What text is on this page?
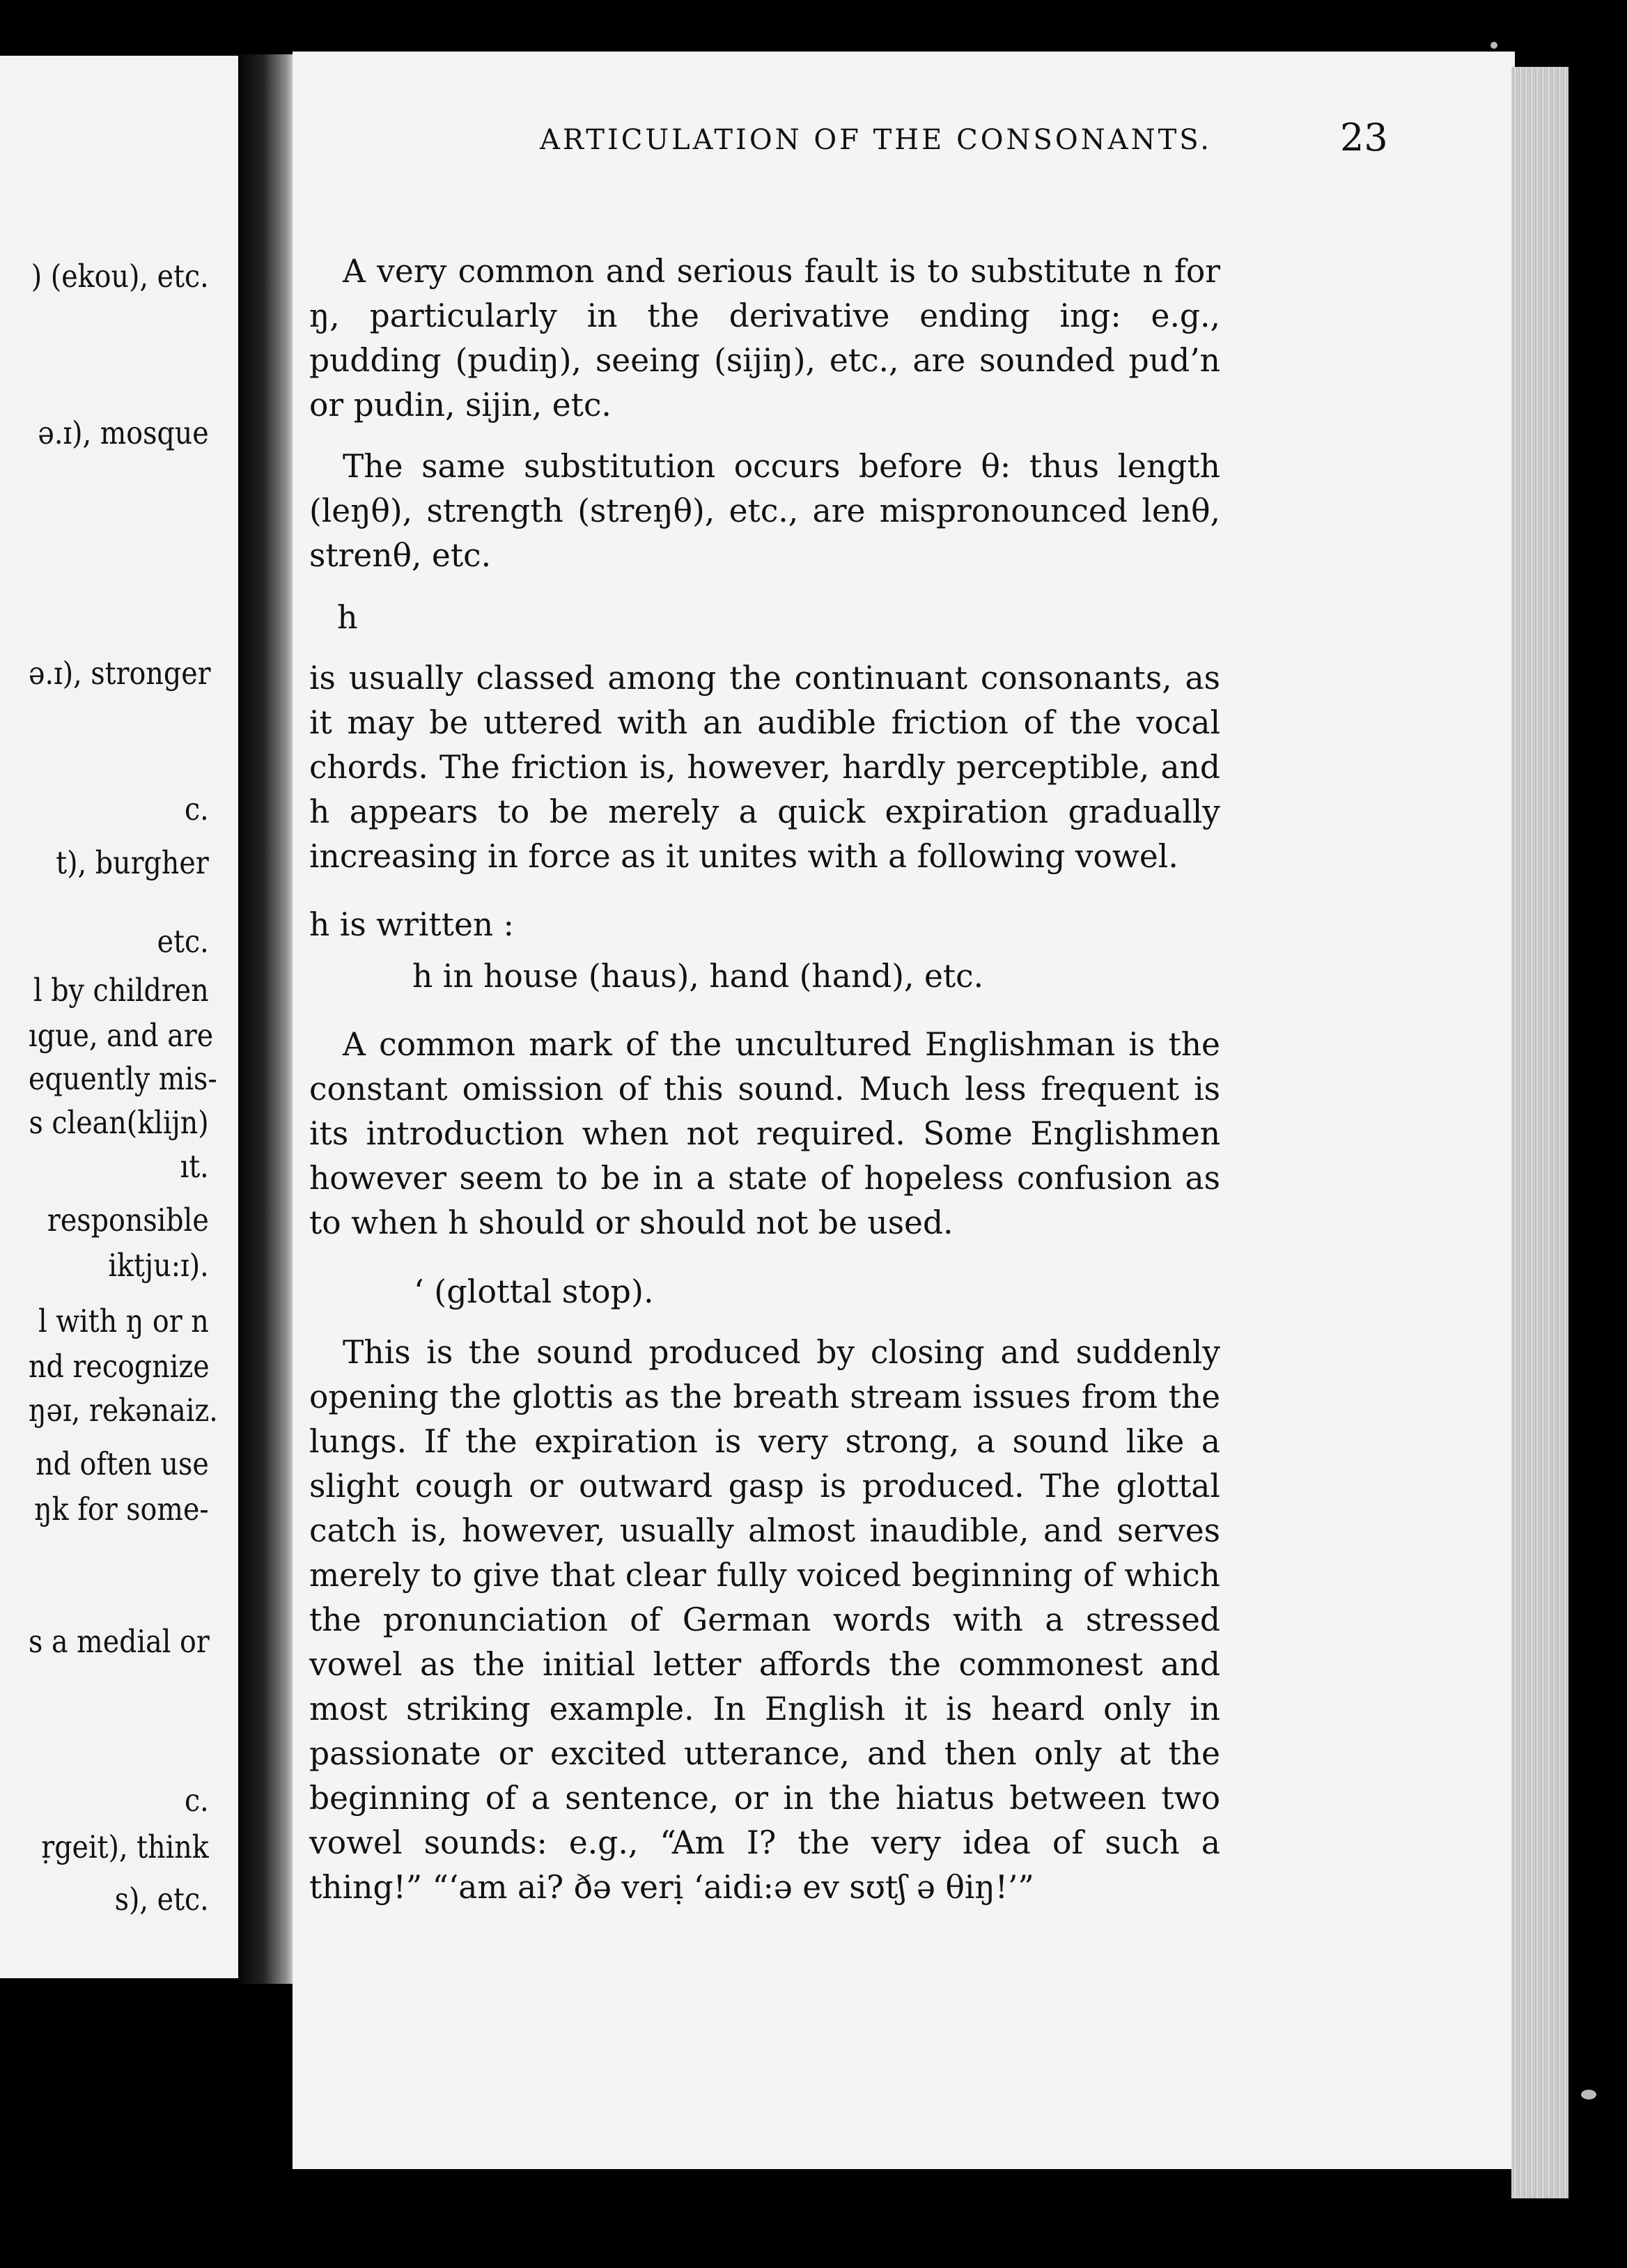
) (ekou), etc.
ə.ɪ), mosque
ə.ɪ), stronger
c.
t), burgher
etc.
l by children
ıgue, and are
equently mis-
s clean(klijn)
ıt.
responsible
iktju:ɪ).
l with ŋ or n
nd recognize
ŋəɪ, rekənaiz.
nd often use
ŋk for some-
s a medial or
c.
ṛgeit), think
s), etc.
ARTICULATION OF THE CONSONANTS.	23

A very common and serious fault is to substitute n for ŋ, particularly in the derivative ending ing: e.g., pudding (pudiŋ), seeing (sijiŋ), etc., are sounded pud’n or pudin, sijin, etc.

The same substitution occurs before θ: thus length (leŋθ), strength (streŋθ), etc., are mispronounced lenθ, strenθ, etc.

h

is usually classed among the continuant consonants, as it may be uttered with an audible friction of the vocal chords. The friction is, however, hardly perceptible, and h appears to be merely a quick expiration gradually increasing in force as it unites with a following vowel.

h is written :

h in house (haus), hand (hand), etc.

A common mark of the uncultured Englishman is the constant omission of this sound. Much less frequent is its introduction when not required. Some Englishmen however seem to be in a state of hopeless confusion as to when h should or should not be used.

‘ (glottal stop).

This is the sound produced by closing and suddenly opening the glottis as the breath stream issues from the lungs. If the expiration is very strong, a sound like a slight cough or outward gasp is produced. The glottal catch is, however, usually almost inaudible, and serves merely to give that clear fully voiced beginning of which the pronunciation of German words with a stressed vowel as the initial letter affords the commonest and most striking example. In English it is heard only in passionate or excited utterance, and then only at the beginning of a sentence, or in the hiatus between two vowel sounds: e.g., “Am I? the very idea of such a thing!” “‘am ai? ðə verị ‘aidi:ə ev sʊtʃ ə θiŋ!’”
